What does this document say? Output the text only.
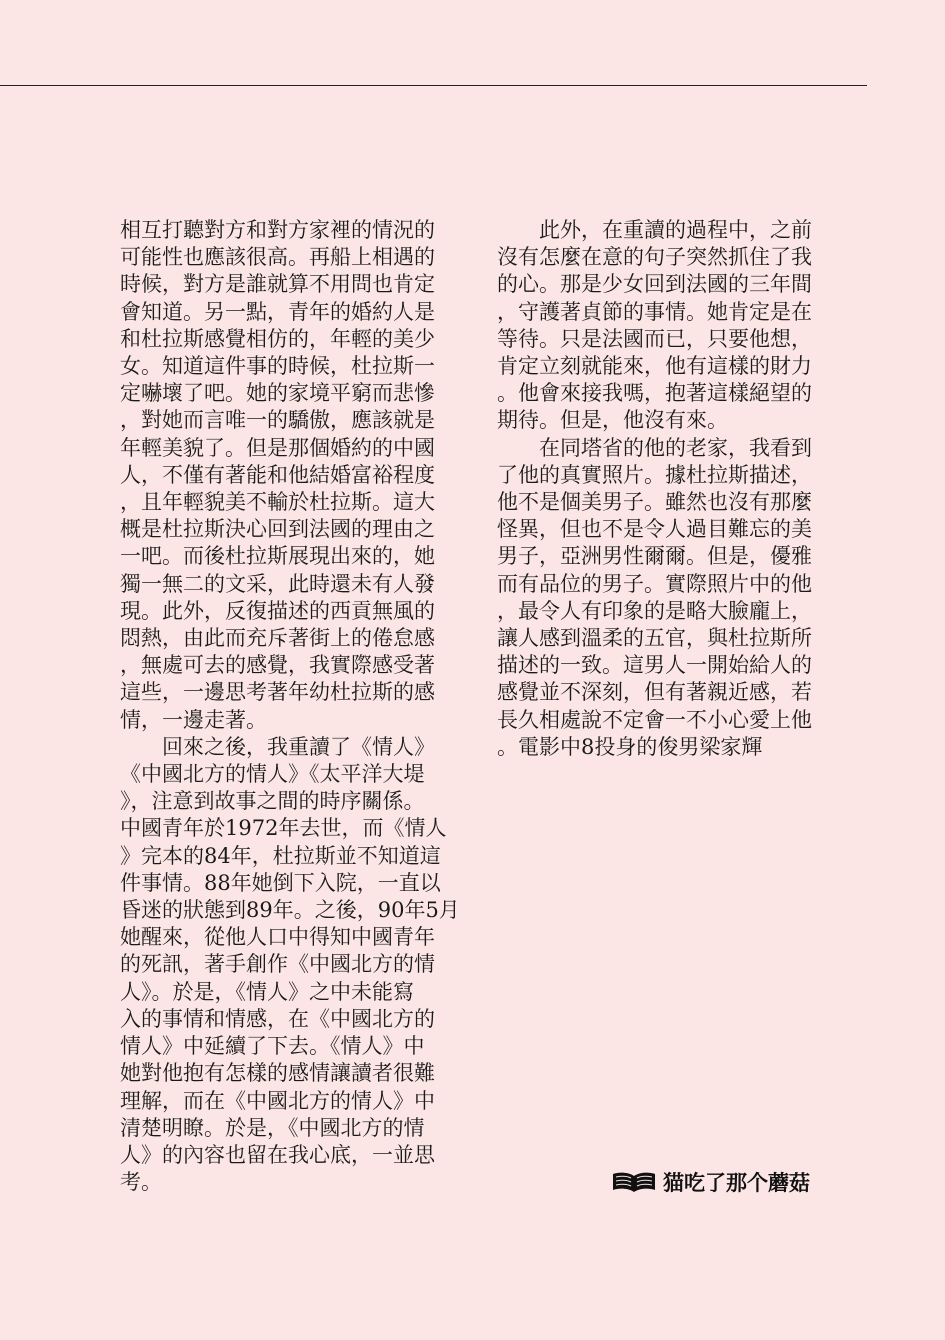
相互打聽對方和對方家裡的情況的

可能性也應該很高。再船上相遇的

時候，對方是誰就算不用問也肯定

會知道。另一點，青年的婚約人是

和杜拉斯感覺相仿的，年輕的美少

女。知道這件事的時候，杜拉斯一

定嚇壞了吧。她的家境平窮而悲慘

，對她而言唯一的驕傲，應該就是

年輕美貌了。但是那個婚約的中國

人，不僅有著能和他結婚富裕程度

，且年輕貌美不輸於杜拉斯。這大

概是杜拉斯決心回到法國的理由之

一吧。而後杜拉斯展現出來的，她

獨一無二的文采，此時還未有人發

現。此外，反復描述的西貢無風的

悶熱，由此而充斥著街上的倦怠感

，無處可去的感覺，我實際感受著

這些，一邊思考著年幼杜拉斯的感

情，一邊走著。

　　回來之後，我重讀了《情人》

《中國北方的情人》《太平洋大堤

》，注意到故事之間的時序關係。

中國青年於1972年去世，而《情人

》完本的84年，杜拉斯並不知道這

件事情。88年她倒下入院，一直以

昏迷的狀態到89年。之後，90年5月

她醒來，從他人口中得知中國青年

的死訊，著手創作《中國北方的情

人》。於是，《情人》之中未能寫

入的事情和情感，在《中國北方的

情人》中延續了下去。《情人》中

她對他抱有怎樣的感情讓讀者很難

理解，而在《中國北方的情人》中

清楚明瞭。於是，《中國北方的情

人》的內容也留在我心底，一並思

考。

　　此外，在重讀的過程中，之前

沒有怎麼在意的句子突然抓住了我

的心。那是少女回到法國的三年間

，守護著貞節的事情。她肯定是在

等待。只是法國而已，只要他想，

肯定立刻就能來，他有這樣的財力

。他會來接我嗎，抱著這樣絕望的

期待。但是，他沒有來。

　　在同塔省的他的老家，我看到

了他的真實照片。據杜拉斯描述，

他不是個美男子。雖然也沒有那麼

怪異，但也不是令人過目難忘的美

男子，亞洲男性爾爾。但是，優雅

而有品位的男子。實際照片中的他

，最令人有印象的是略大臉龐上，

讓人感到溫柔的五官，與杜拉斯所

描述的一致。這男人一開始給人的

感覺並不深刻，但有著親近感，若

長久相處說不定會一不小心愛上他

。電影中8投身的俊男梁家輝

猫吃了那个蘑菇
